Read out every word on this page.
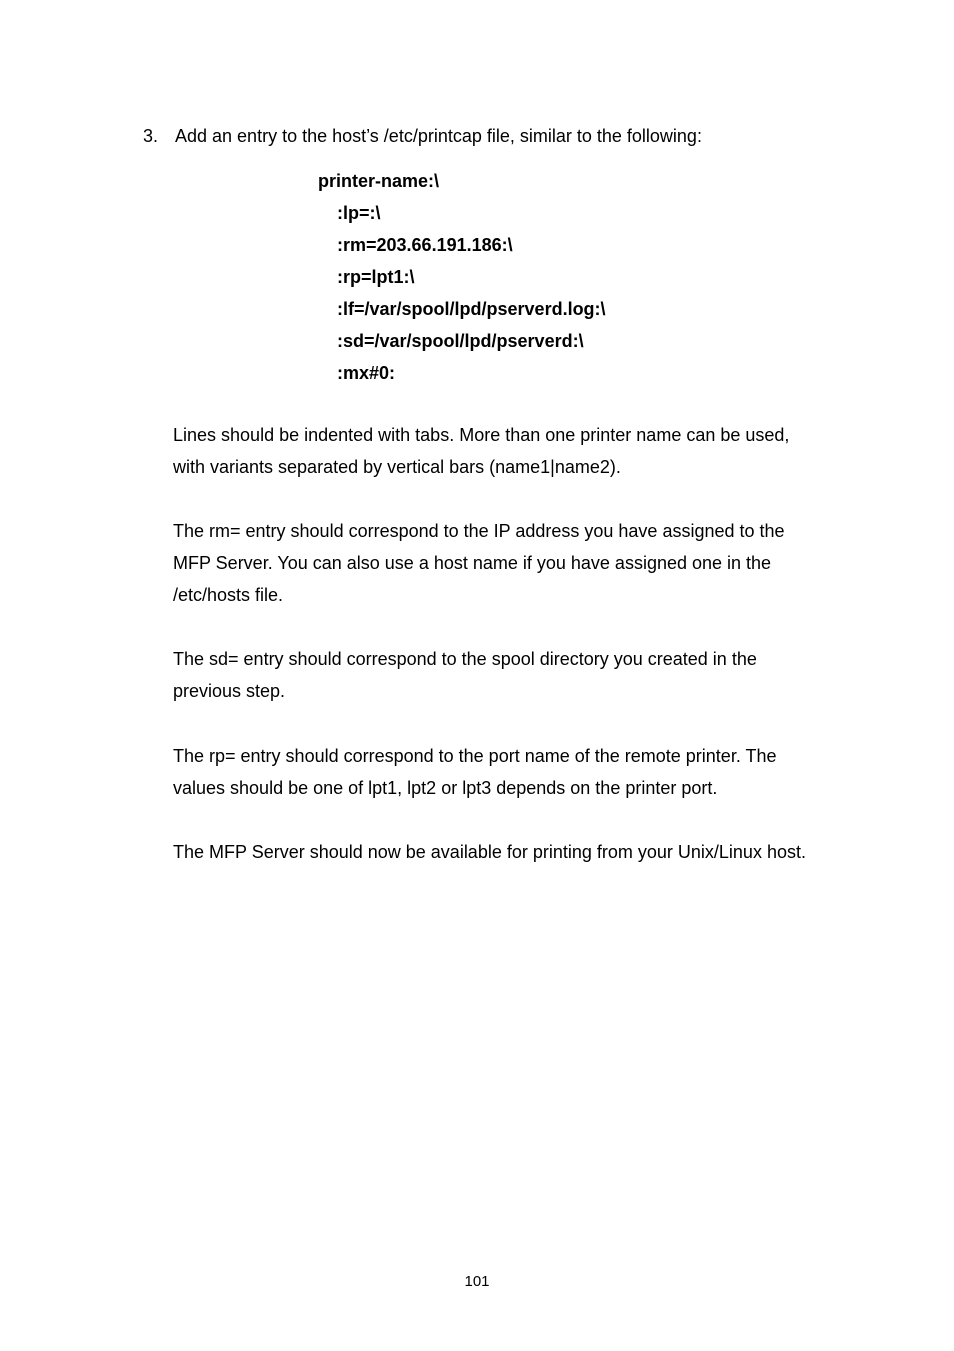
3. Add an entry to the host’s /etc/printcap file, similar to the following:
printer-name:\
:lp=:\
:rm=203.66.191.186:\
:rp=lpt1:\
:lf=/var/spool/lpd/pserverd.log:\
:sd=/var/spool/lpd/pserverd:\
:mx#0:

Lines should be indented with tabs. More than one printer name can be used, with variants separated by vertical bars (name1|name2).

The rm= entry should correspond to the IP address you have assigned to the MFP Server. You can also use a host name if you have assigned one in the /etc/hosts file.

The sd= entry should correspond to the spool directory you created in the previous step.

The rp= entry should correspond to the port name of the remote printer. The values should be one of lpt1, lpt2 or lpt3 depends on the printer port.

The MFP Server should now be available for printing from your Unix/Linux host.

101
